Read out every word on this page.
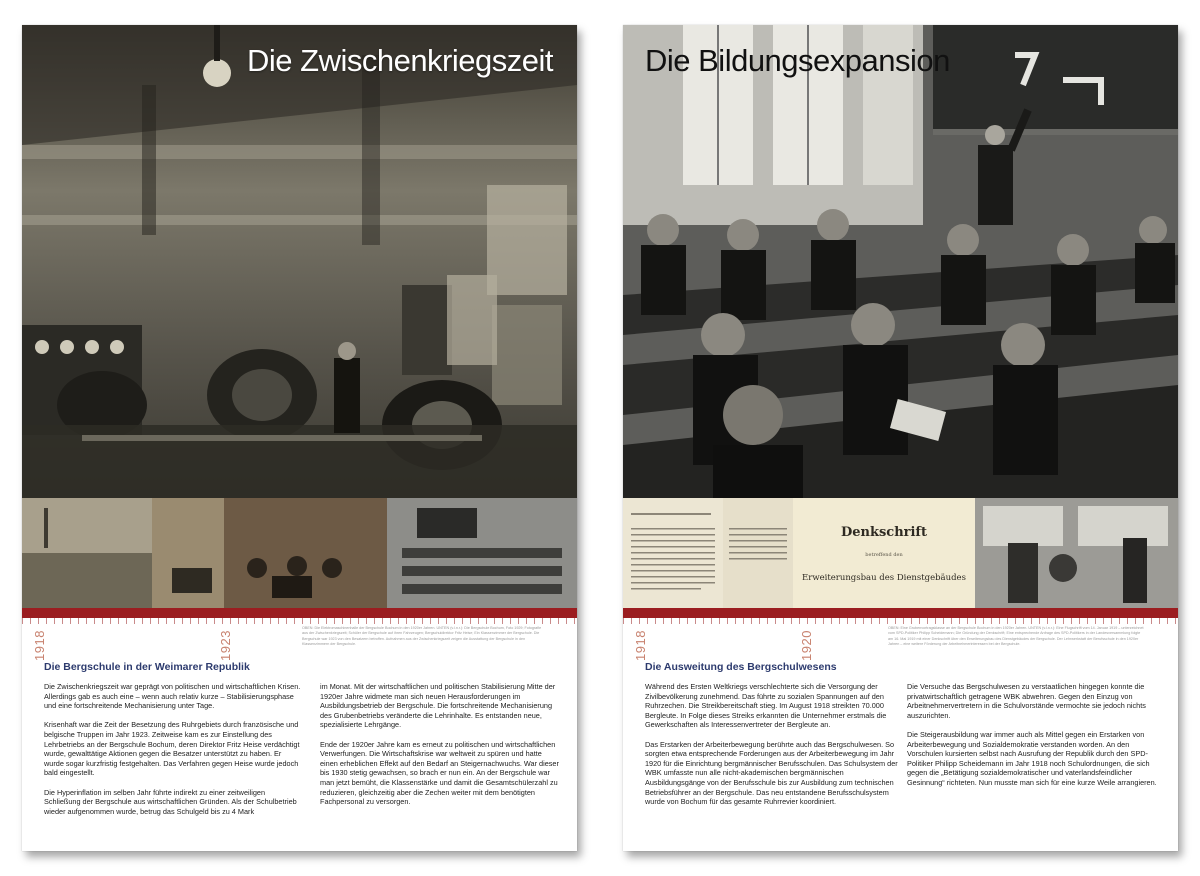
Die Zwischenkriegszeit
1918	1923
OBEN: Die Elektromaschinenhalle der Bergschule Bochum in den 1920er Jahren. UNTEN (v.l.n.r.): Die Bergschule Bochum, Foto 1929; Fotografie aus der Zwischenkriegszeit; Schüler der Bergschule auf ihren Fahrzeugen; Bergschuldirektor Fritz Heise; Ein Klassenzimmer der Bergschule. Die Bergschule war 1923 von den Besatzern betroffen. Aufnahmen aus der Zwischenkriegszeit zeigen die Ausstattung der Bergschule in den Klassenzimmern der Bergschule.
Die Bergschule in der Weimarer Republik

Die Zwischenkriegszeit war geprägt von politischen und wirtschaftlichen Krisen. Allerdings gab es auch eine – wenn auch relativ kurze – Stabilisierungsphase und eine fortschreitende Mechanisierung unter Tage.

Krisenhaft war die Zeit der Besetzung des Ruhrgebiets durch französische und belgische Truppen im Jahr 1923. Zeitweise kam es zur Einstellung des Lehrbetriebs an der Bergschule Bochum, deren Direktor Fritz Heise verdächtigt wurde, gewalttätige Aktionen gegen die Besatzer unterstützt zu haben. Er wurde sogar kurzfristig festgehalten. Das Verfahren gegen Heise wurde jedoch bald eingestellt.

Die Hyperinflation im selben Jahr führte indirekt zu einer zeitweiligen Schließung der Bergschule aus wirtschaftlichen Gründen. Als der Schulbetrieb wieder aufgenommen wurde, betrug das Schulgeld bis zu 4 Mark

im Monat. Mit der wirtschaftlichen und politischen Stabilisierung Mitte der 1920er Jahre widmete man sich neuen Herausforderungen im Ausbildungsbetrieb der Bergschule. Die fortschreitende Mechanisierung des Grubenbetriebs veränderte die Lehrinhalte. Es entstanden neue, spezialisierte Lehrgänge.

Ende der 1920er Jahre kam es erneut zu politischen und wirtschaftlichen Verwerfungen. Die Wirtschaftskrise war weltweit zu spüren und hatte einen erheblichen Effekt auf den Bedarf an Steigernachwuchs. War dieser bis 1930 stetig gewachsen, so brach er nun ein. An der Bergschule war man jetzt bemüht, die Klassenstärke und damit die Gesamtschülerzahl zu reduzieren, gleichzeitig aber die Zechen weiter mit dem benötigten Fachpersonal zu versorgen.

Die Bildungsexpansion
Denkschrift
betreffend den
Erweiterungsbau des Dienstgebäudes
1918	1920
OBEN: Eine Grubenvortragsklasse an der Bergschule Bochum in den 1920er Jahren. UNTEN (v.l.n.r.): Eine Flugschrift vom 14. Januar 1919 – unterzeichnet vom SPD-Politiker Philipp Scheidemann; Die Gründung der Denkschrift; Eine entsprechende Anfrage des SPD-Politikers in der Landesversammlung folgte am 16. Mai 1919 mit einer Denkschrift über den Erweiterungsbau des Dienstgebäudes der Bergschule. Der Lehrwerkstatt der Berufsschule in den 1920er Jahren – eine weitere Förderung der Arbeitnehmerinteressen bei der Bergschule.
Die Ausweitung des Bergschulwesens

Während des Ersten Weltkriegs verschlechterte sich die Versorgung der Zivilbevölkerung zunehmend. Das führte zu sozialen Spannungen auf den Ruhrzechen. Die Streikbereitschaft stieg. Im August 1918 streikten 70.000 Bergleute. In Folge dieses Streiks erkannten die Unternehmer erstmals die Gewerkschaften als Interessenvertreter der Bergleute an.

Das Erstarken der Arbeiterbewegung berührte auch das Bergschulwesen. So sorgten etwa entsprechende Forderungen aus der Arbeiterbewegung im Jahr 1920 für die Einrichtung bergmännischer Berufsschulen. Das Schulsystem der WBK umfasste nun alle nicht-akademischen bergmännischen Ausbildungsgänge von der Berufsschule bis zur Ausbildung zum technischen Betriebsführer an der Bergschule. Das neu entstandene Berufsschulsystem wurde von Bochum für das gesamte Ruhrrevier koordiniert.

Die Versuche das Bergschulwesen zu verstaatlichen hingegen konnte die privatwirtschaftlich getragene WBK abwehren. Gegen den Einzug von Arbeitnehmervertretern in die Schulvorstände vermochte sie jedoch nichts auszurichten.

Die Steigerausbildung war immer auch als Mittel gegen ein Erstarken von Arbeiterbewegung und Sozialdemokratie verstanden worden. An den Vorschulen kursierten selbst nach Ausrufung der Republik durch den SPD-Politiker Philipp Scheidemann im Jahr 1918 noch Schulordnungen, die sich gegen die „Betätigung sozialdemokratischer und vaterlandsfeindlicher Gesinnung“ richteten. Nun musste man sich für eine kurze Weile arrangieren.
